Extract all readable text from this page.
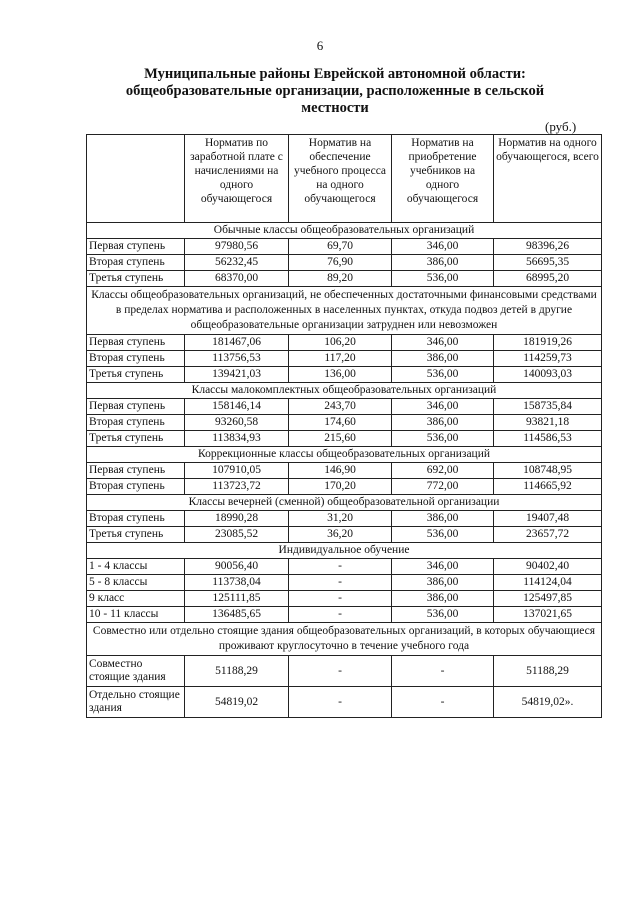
6
Муниципальные районы Еврейской автономной области: общеобразовательные организации, расположенные в сельской местности
(руб.)
	Норматив по заработной плате с начислениями на одного обучающегося	Норматив на обеспечение учебного процесса на одного обучающегося	Норматив на приобретение учебников на одного обучающегося	Норматив на одного обучающегося, всего
Обычные классы общеобразовательных организаций				
Первая ступень	97980,56	69,70	346,00	98396,26
Вторая ступень	56232,45	76,90	386,00	56695,35
Третья ступень	68370,00	89,20	536,00	68995,20
Классы общеобразовательных организаций, не обеспеченных достаточными финансовыми средствами в пределах норматива и расположенных в населенных пунктах, откуда подвоз детей в другие общеобразовательные организации затруднен или невозможен				
Первая ступень	181467,06	106,20	346,00	181919,26
Вторая ступень	113756,53	117,20	386,00	114259,73
Третья ступень	139421,03	136,00	536,00	140093,03
Классы малокомплектных общеобразовательных организаций				
Первая ступень	158146,14	243,70	346,00	158735,84
Вторая ступень	93260,58	174,60	386,00	93821,18
Третья ступень	113834,93	215,60	536,00	114586,53
Коррекционные классы общеобразовательных организаций				
Первая ступень	107910,05	146,90	692,00	108748,95
Вторая ступень	113723,72	170,20	772,00	114665,92
Классы вечерней (сменной) общеобразовательной организации				
Вторая ступень	18990,28	31,20	386,00	19407,48
Третья ступень	23085,52	36,20	536,00	23657,72
Индивидуальное обучение				
1 - 4 классы	90056,40	-	346,00	90402,40
5 - 8 классы	113738,04	-	386,00	114124,04
9 класс	125111,85	-	386,00	125497,85
10 - 11 классы	136485,65	-	536,00	137021,65
Совместно или отдельно стоящие здания общеобразовательных организаций, в которых обучающиеся проживают круглосуточно в течение учебного года				
Совместно стоящие здания	51188,29	-	-	51188,29
Отдельно стоящие здания	54819,02	-	-	54819,02».
